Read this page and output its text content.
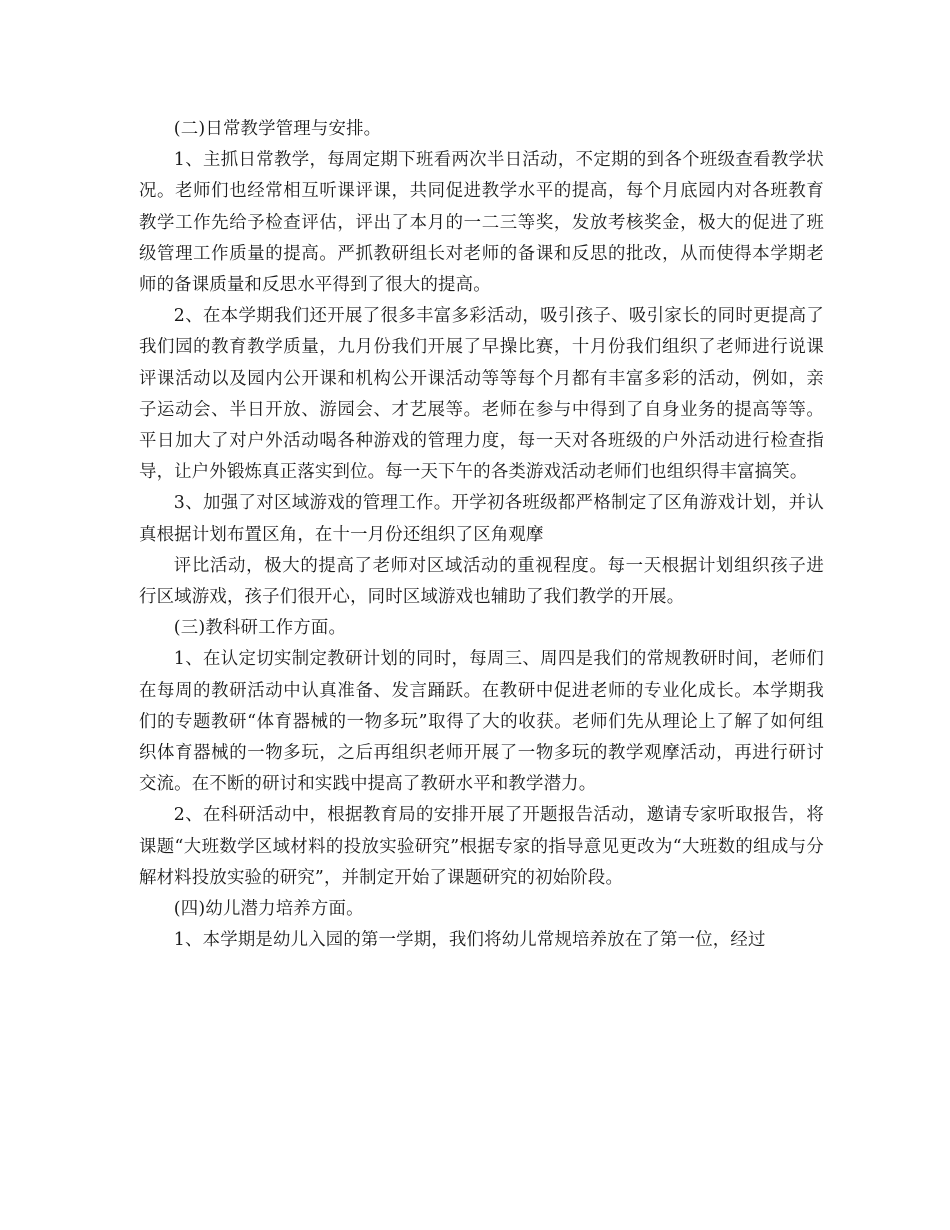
(二)日常教学管理与安排。

1、主抓日常教学，每周定期下班看两次半日活动，不定期的到各个班级查看教学状况。老师们也经常相互听课评课，共同促进教学水平的提高，每个月底园内对各班教育教学工作先给予检查评估，评出了本月的一二三等奖，发放考核奖金，极大的促进了班级管理工作质量的提高。严抓教研组长对老师的备课和反思的批改，从而使得本学期老师的备课质量和反思水平得到了很大的提高。

2、在本学期我们还开展了很多丰富多彩活动，吸引孩子、吸引家长的同时更提高了我们园的教育教学质量，九月份我们开展了早操比赛，十月份我们组织了老师进行说课评课活动以及园内公开课和机构公开课活动等等每个月都有丰富多彩的活动，例如，亲子运动会、半日开放、游园会、才艺展等。老师在参与中得到了自身业务的提高等等。平日加大了对户外活动喝各种游戏的管理力度，每一天对各班级的户外活动进行检查指导，让户外锻炼真正落实到位。每一天下午的各类游戏活动老师们也组织得丰富搞笑。

3、加强了对区域游戏的管理工作。开学初各班级都严格制定了区角游戏计划，并认真根据计划布置区角，在十一月份还组织了区角观摩

评比活动，极大的提高了老师对区域活动的重视程度。每一天根据计划组织孩子进行区域游戏，孩子们很开心，同时区域游戏也辅助了我们教学的开展。

(三)教科研工作方面。

1、在认定切实制定教研计划的同时，每周三、周四是我们的常规教研时间，老师们在每周的教研活动中认真准备、发言踊跃。在教研中促进老师的专业化成长。本学期我们的专题教研“体育器械的一物多玩”取得了大的收获。老师们先从理论上了解了如何组织体育器械的一物多玩，之后再组织老师开展了一物多玩的教学观摩活动，再进行研讨交流。在不断的研讨和实践中提高了教研水平和教学潜力。

2、在科研活动中，根据教育局的安排开展了开题报告活动，邀请专家听取报告，将课题“大班数学区域材料的投放实验研究”根据专家的指导意见更改为“大班数的组成与分解材料投放实验的研究”，并制定开始了课题研究的初始阶段。

(四)幼儿潜力培养方面。

1、本学期是幼儿入园的第一学期，我们将幼儿常规培养放在了第一位，经过
